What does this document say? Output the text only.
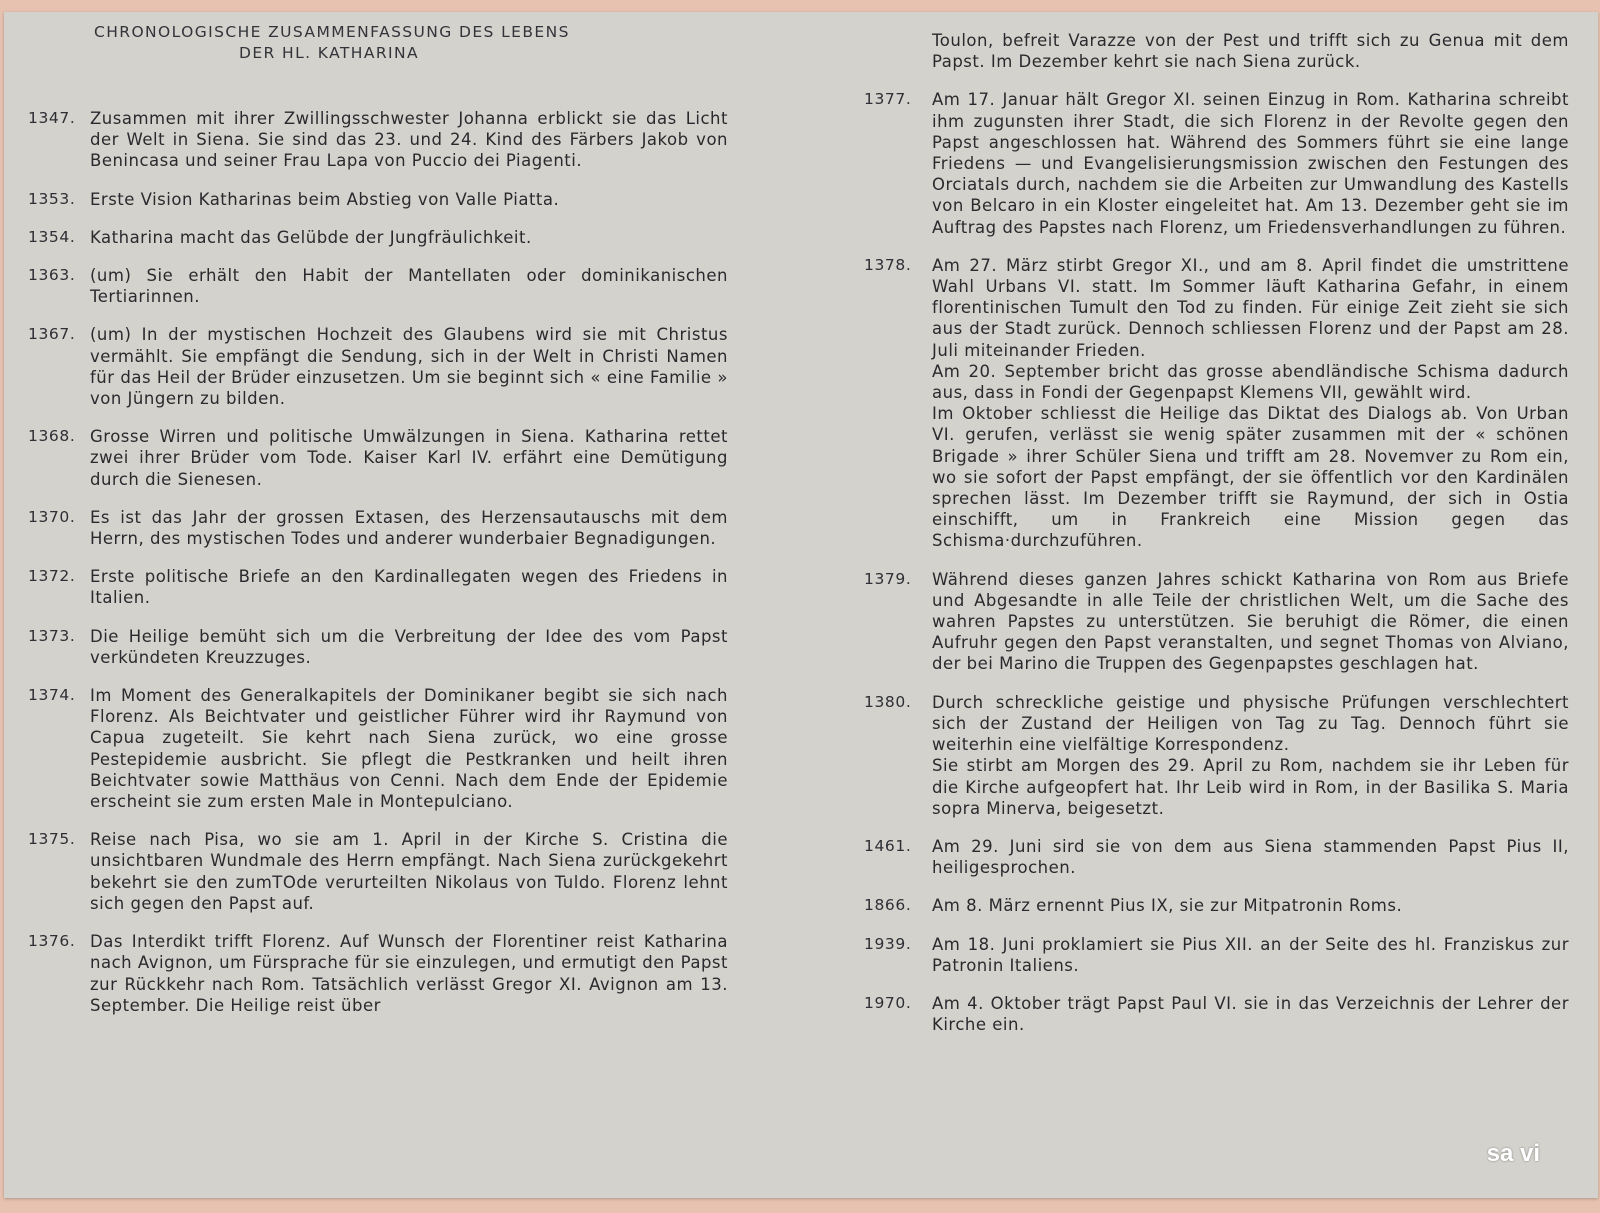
CHRONOLOGISCHE ZUSAMMENFASSUNG DES LEBENS
DER HL. KATHARINA
1347. Zusammen mit ihrer Zwillingsschwester Johanna erblickt sie das Licht der Welt in Siena. Sie sind das 23. und 24. Kind des Färbers Jakob von Benincasa und seiner Frau Lapa von Puccio dei Piagenti.
1353. Erste Vision Katharinas beim Abstieg von Valle Piatta.
1354. Katharina macht das Gelübde der Jungfräulichkeit.
1363. (um) Sie erhält den Habit der Mantellaten oder dominikanischen Tertiarinnen.
1367. (um) In der mystischen Hochzeit des Glaubens wird sie mit Christus vermählt. Sie empfängt die Sendung, sich in der Welt in Christi Namen für das Heil der Brüder einzusetzen. Um sie beginnt sich « eine Familie » von Jüngern zu bilden.
1368. Grosse Wirren und politische Umwälzungen in Siena. Katharina rettet zwei ihrer Brüder vom Tode. Kaiser Karl IV. erfährt eine Demütigung durch die Sienesen.
1370. Es ist das Jahr der grossen Extasen, des Herzensautauschs mit dem Herrn, des mystischen Todes und anderer wunderbaier Begnadigungen.
1372. Erste politische Briefe an den Kardinallegaten wegen des Friedens in Italien.
1373. Die Heilige bemüht sich um die Verbreitung der Idee des vom Papst verkündeten Kreuzzuges.
1374. Im Moment des Generalkapitels der Dominikaner begibt sie sich nach Florenz. Als Beichtvater und geistlicher Führer wird ihr Raymund von Capua zugeteilt. Sie kehrt nach Siena zurück, wo eine grosse Pestepidemie ausbricht. Sie pflegt die Pestkranken und heilt ihren Beichtvater sowie Matthäus von Cenni. Nach dem Ende der Epidemie erscheint sie zum ersten Male in Montepulciano.
1375. Reise nach Pisa, wo sie am 1. April in der Kirche S. Cristina die unsichtbaren Wundmale des Herrn empfängt. Nach Siena zurückgekehrt bekehrt sie den zumTOde verurteilten Nikolaus von Tuldo. Florenz lehnt sich gegen den Papst auf.
1376. Das Interdikt trifft Florenz. Auf Wunsch der Florentiner reist Katharina nach Avignon, um Fürsprache für sie einzulegen, und ermutigt den Papst zur Rückkehr nach Rom. Tatsächlich verlässt Gregor XI. Avignon am 13. September. Die Heilige reist über
Toulon, befreit Varazze von der Pest und trifft sich zu Genua mit dem Papst. Im Dezember kehrt sie nach Siena zurück.
1377.	Am 17. Januar hält Gregor XI. seinen Einzug in Rom. Katharina schreibt ihm zugunsten ihrer Stadt, die sich Florenz in der Revolte gegen den Papst angeschlossen hat. Während des Sommers führt sie eine lange Friedens — und Evangelisierungsmission zwischen den Festungen des Orciatals durch, nachdem sie die Arbeiten zur Umwandlung des Kastells von Belcaro in ein Kloster eingeleitet hat. Am 13. Dezember geht sie im Auftrag des Papstes nach Florenz, um Friedensverhandlungen zu führen.

1378.	Am 27. März stirbt Gregor XI., und am 8. April findet die umstrittene Wahl Urbans VI. statt. Im Sommer läuft Katharina Gefahr, in einem florentinischen Tumult den Tod zu finden. Für einige Zeit zieht sie sich aus der Stadt zurück. Dennoch schliessen Florenz und der Papst am 28. Juli miteinander Frieden.

Am 20. September bricht das grosse abendländische Schisma dadurch aus, dass in Fondi der Gegenpapst Klemens VII, gewählt wird.

Im Oktober schliesst die Heilige das Diktat des Dialogs ab. Von Urban VI. gerufen, verlässt sie wenig später zusammen mit der « schönen Brigade » ihrer Schüler Siena und trifft am 28. Novemver zu Rom ein, wo sie sofort der Papst empfängt, der sie öffentlich vor den Kardinälen sprechen lässt. Im Dezember trifft sie Raymund, der sich in Ostia einschifft, um in Frankreich eine Mission gegen das Schisma·durchzuführen.

1379.	Während dieses ganzen Jahres schickt Katharina von Rom aus Briefe und Abgesandte in alle Teile der christlichen Welt, um die Sache des wahren Papstes zu unterstützen. Sie beruhigt die Römer, die einen Aufruhr gegen den Papst veranstalten, und segnet Thomas von Alviano, der bei Marino die Truppen des Gegenpapstes geschlagen hat.

1380.	Durch schreckliche geistige und physische Prüfungen verschlechtert sich der Zustand der Heiligen von Tag zu Tag. Dennoch führt sie weiterhin eine vielfältige Korrespondenz.

Sie stirbt am Morgen des 29. April zu Rom, nachdem sie ihr Leben für die Kirche aufgeopfert hat. Ihr Leib wird in Rom, in der Basilika S. Maria sopra Minerva, beigesetzt.

1461.	Am 29. Juni sird sie von dem aus Siena stammenden Papst Pius II, heiligesprochen.

1866.	Am 8. März ernennt Pius IX, sie zur Mitpatronin Roms.

1939.	Am 18. Juni proklamiert sie Pius XII. an der Seite des hl. Franziskus zur Patronin Italiens.

1970.	Am 4. Oktober trägt Papst Paul VI. sie in das Verzeichnis der Lehrer der Kirche ein.

sa vi
